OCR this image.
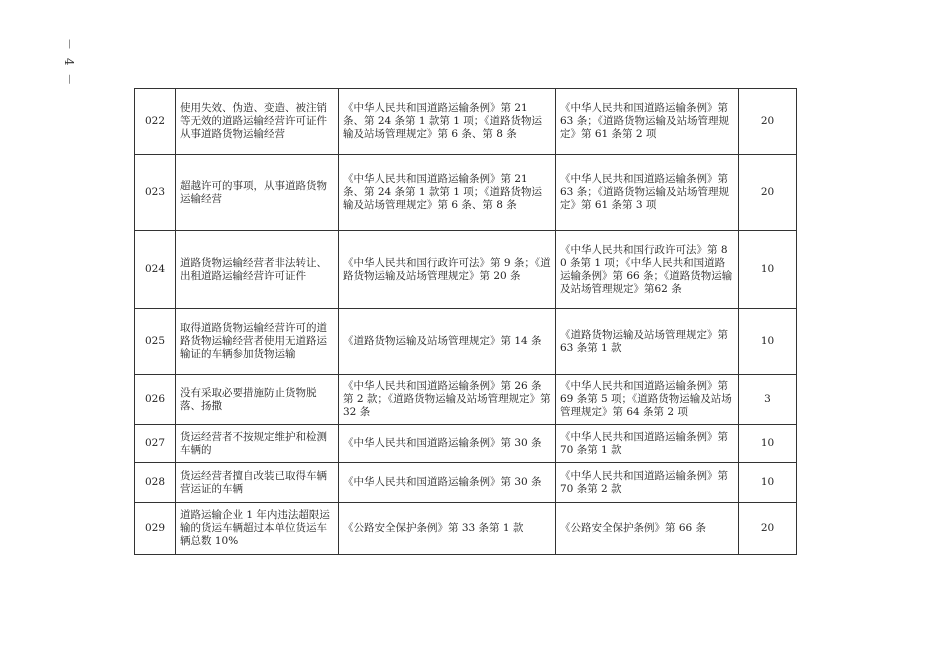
－ 4 －
022	使用失效、伪造、变造、被注销等无效的道路运输经营许可证件从事道路货物运输经营	《中华人民共和国道路运输条例》第 21 条、第 24 条第 1 款第 1 项；《道路货物运输及站场管理规定》第 6 条、第 8 条	《中华人民共和国道路运输条例》第 63 条；《道路货物运输及站场管理规定》第 61 条第 2 项	20
023	超越许可的事项，从事道路货物运输经营	《中华人民共和国道路运输条例》第 21 条、第 24 条第 1 款第 1 项；《道路货物运输及站场管理规定》第 6 条、第 8 条	《中华人民共和国道路运输条例》第 63 条；《道路货物运输及站场管理规定》第 61 条第 3 项	20
024	道路货物运输经营者非法转让、出租道路运输经营许可证件	《中华人民共和国行政许可法》第 9 条；《道路货物运输及站场管理规定》第 20 条	《中华人民共和国行政许可法》第 80 条第 1 项；《中华人民共和国道路运输条例》第 66 条；《道路货物运输及站场管理规定》第62 条	10
025	取得道路货物运输经营许可的道路货物运输经营者使用无道路运输证的车辆参加货物运输	《道路货物运输及站场管理规定》第 14 条	《道路货物运输及站场管理规定》第 63 条第 1 款	10
026	没有采取必要措施防止货物脱落、扬撒	《中华人民共和国道路运输条例》第 26 条第 2 款；《道路货物运输及站场管理规定》第 32 条	《中华人民共和国道路运输条例》第 69 条第 5 项；《道路货物运输及站场管理规定》第 64 条第 2 项	3
027	货运经营者不按规定维护和检测车辆的	《中华人民共和国道路运输条例》第 30 条	《中华人民共和国道路运输条例》第 70 条第 1 款	10
028	货运经营者擅自改装已取得车辆营运证的车辆	《中华人民共和国道路运输条例》第 30 条	《中华人民共和国道路运输条例》第 70 条第 2 款	10
029	道路运输企业 1 年内违法超限运输的货运车辆超过本单位货运车辆总数 10%	《公路安全保护条例》第 33 条第 1 款	《公路安全保护条例》第 66 条	20
